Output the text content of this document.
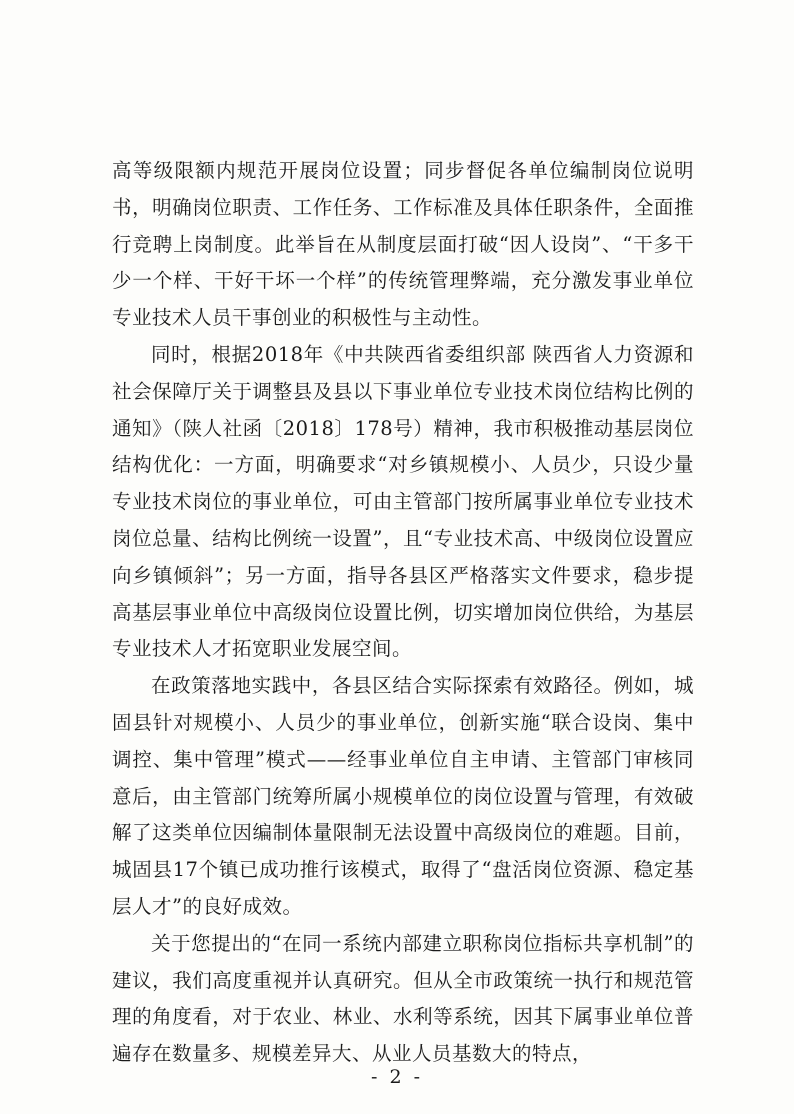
高等级限额内规范开展岗位设置；同步督促各单位编制岗位说明书，明确岗位职责、工作任务、工作标准及具体任职条件，全面推行竞聘上岗制度。此举旨在从制度层面打破“因人设岗”、“干多干少一个样、干好干坏一个样”的传统管理弊端，充分激发事业单位专业技术人员干事创业的积极性与主动性。

同时，根据2018年《中共陕西省委组织部 陕西省人力资源和社会保障厅关于调整县及县以下事业单位专业技术岗位结构比例的通知》（陕人社函〔2018〕178号）精神，我市积极推动基层岗位结构优化：一方面，明确要求“对乡镇规模小、人员少，只设少量专业技术岗位的事业单位，可由主管部门按所属事业单位专业技术岗位总量、结构比例统一设置”，且“专业技术高、中级岗位设置应向乡镇倾斜”；另一方面，指导各县区严格落实文件要求，稳步提高基层事业单位中高级岗位设置比例，切实增加岗位供给，为基层专业技术人才拓宽职业发展空间。

在政策落地实践中，各县区结合实际探索有效路径。例如，城固县针对规模小、人员少的事业单位，创新实施“联合设岗、集中调控、集中管理”模式——经事业单位自主申请、主管部门审核同意后，由主管部门统筹所属小规模单位的岗位设置与管理，有效破解了这类单位因编制体量限制无法设置中高级岗位的难题。目前，城固县17个镇已成功推行该模式，取得了“盘活岗位资源、稳定基层人才”的良好成效。

关于您提出的“在同一系统内部建立职称岗位指标共享机制”的建议，我们高度重视并认真研究。但从全市政策统一执行和规范管理的角度看，对于农业、林业、水利等系统，因其下属事业单位普遍存在数量多、规模差异大、从业人员基数大的特点，

- 2 -
